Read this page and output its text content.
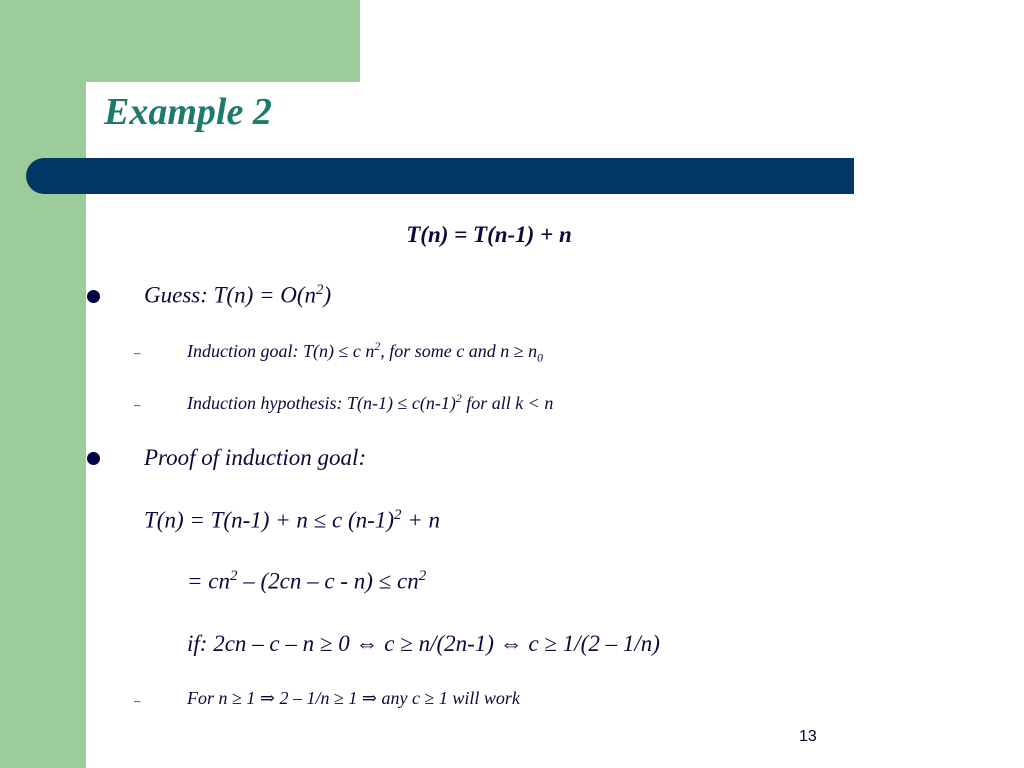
Example 2
T(n) = T(n-1) + n
Guess: $T(n) = O(n^2)$
–	Induction goal: T(n) ≤ c $n^2$, for some c and $n \ge n_0$
–	Induction hypothesis: $T(n-1) \le c(n-1)^2$ for all k < n
Proof of induction goal:
T(n) = T(n-1) + n ≤ c $(n-1)^2 + n$
= $cn^2 - (2cn - c - n) \le cn^2$
if: 2cn – c – n ≥ 0 ⇔ c ≥ n/(2n-1) ⇔ c ≥ 1/(2 – 1/n)
–	For n ≥ 1 ⇒ 2 – 1/n ≥ 1 ⇒ any c ≥ 1 will work
13
